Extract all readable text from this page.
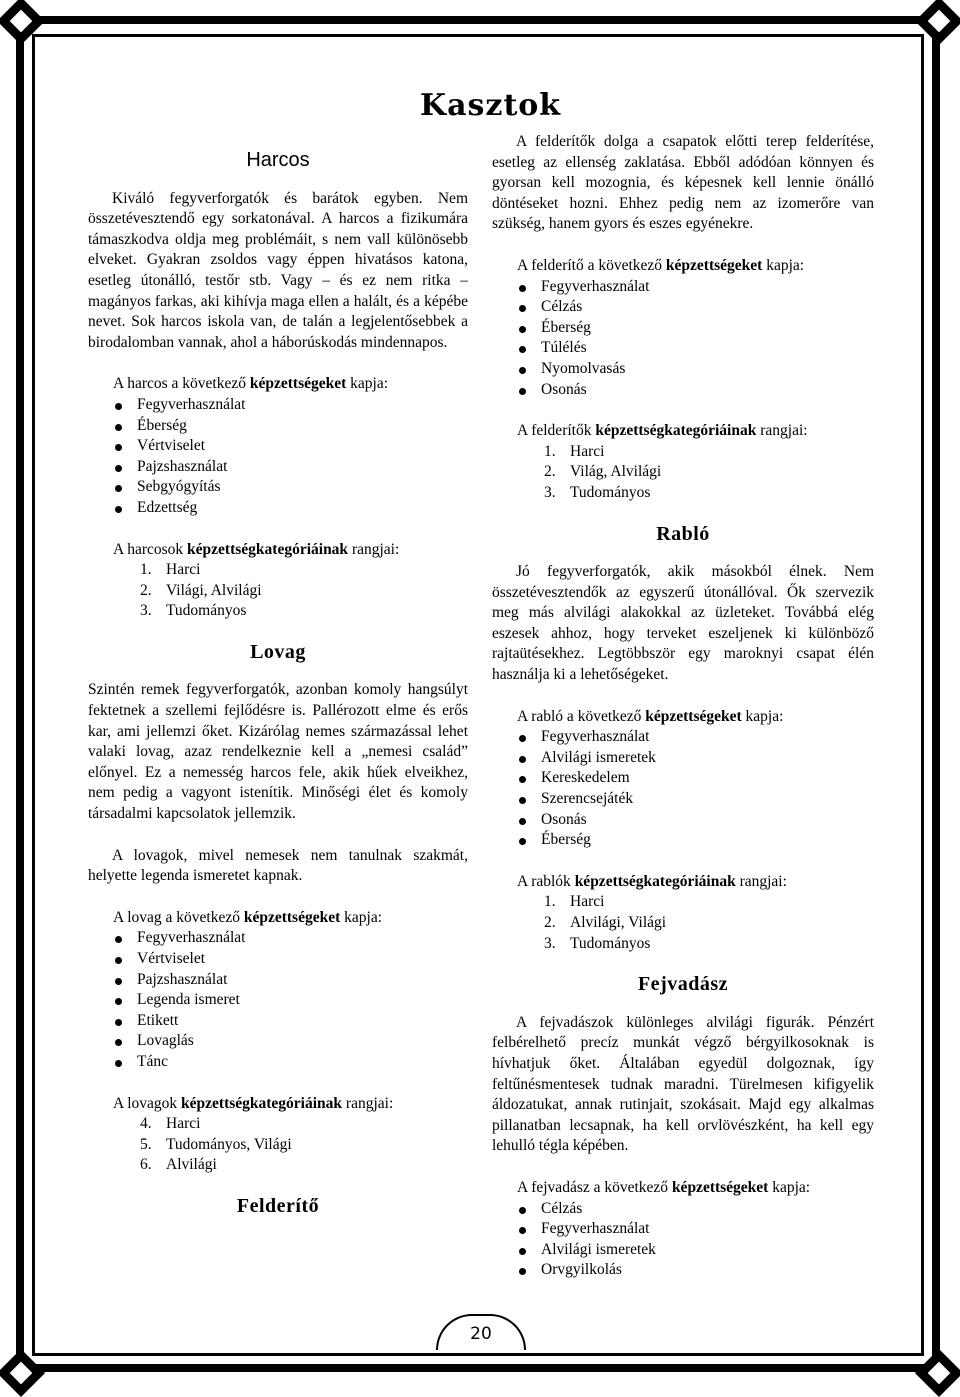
Kasztok
Harcos

Kiváló fegyverforgatók és barátok egyben. Nem összetévesztendő egy sorkatonával. A harcos a fizikumára támaszkodva oldja meg problémáit, s nem vall különösebb elveket. Gyakran zsoldos vagy éppen hivatásos katona, esetleg útonálló, testőr stb. Vagy – és ez nem ritka – magányos farkas, aki kihívja maga ellen a halált, és a képébe nevet. Sok harcos iskola van, de talán a legjelentősebbek a birodalomban vannak, ahol a háborúskodás mindennapos.

A harcos a következő képzettségeket kapja:
Fegyverhasználat
Éberség
Vértviselet
Pajzshasználat
Sebgyógyítás
Edzettség
A harcosok képzettségkategóriáinak rangjai:
1. Harci
2. Világi, Alvilági
3. Tudományos
Lovag

Szintén remek fegyverforgatók, azonban komoly hangsúlyt fektetnek a szellemi fejlődésre is. Pallérozott elme és erős kar, ami jellemzi őket. Kizárólag nemes származással lehet valaki lovag, azaz rendelkeznie kell a „nemesi család” előnyel. Ez a nemesség harcos fele, akik hűek elveikhez, nem pedig a vagyont istenítik. Minőségi élet és komoly társadalmi kapcsolatok jellemzik.

A lovagok, mivel nemesek nem tanulnak szakmát, helyette legenda ismeretet kapnak.

A lovag a következő képzettségeket kapja:
Fegyverhasználat
Vértviselet
Pajzshasználat
Legenda ismeret
Etikett
Lovaglás
Tánc
A lovagok képzettségkategóriáinak rangjai:
4. Harci
5. Tudományos, Világi
6. Alvilági
Felderítő

A felderítők dolga a csapatok előtti terep felderítése, esetleg az ellenség zaklatása. Ebből adódóan könnyen és gyorsan kell mozognia, és képesnek kell lennie önálló döntéseket hozni. Ehhez pedig nem az izomerőre van szükség, hanem gyors és eszes egyénekre.

A felderítő a következő képzettségeket kapja:
Fegyverhasználat
Célzás
Éberség
Túlélés
Nyomolvasás
Osonás
A felderítők képzettségkategóriáinak rangjai:
1. Harci
2. Világ, Alvilági
3. Tudományos
Rabló

Jó fegyverforgatók, akik másokból élnek. Nem összetévesztendők az egyszerű útonállóval. Ők szervezik meg más alvilági alakokkal az üzleteket. Továbbá elég eszesek ahhoz, hogy terveket eszeljenek ki különböző rajtaütésekhez. Legtöbbször egy maroknyi csapat élén használja ki a lehetőségeket.

A rabló a következő képzettségeket kapja:
Fegyverhasználat
Alvilági ismeretek
Kereskedelem
Szerencsejáték
Osonás
Éberség
A rablók képzettségkategóriáinak rangjai:
1. Harci
2. Alvilági, Világi
3. Tudományos
Fejvadász

A fejvadászok különleges alvilági figurák. Pénzért felbérelhető precíz munkát végző bérgyilkosoknak is hívhatjuk őket. Általában egyedül dolgoznak, így feltűnésmentesek tudnak maradni. Türelmesen kifigyelik áldozatukat, annak rutinjait, szokásait. Majd egy alkalmas pillanatban lecsapnak, ha kell orvlövészként, ha kell egy lehulló tégla képében.

A fejvadász a következő képzettségeket kapja:
Célzás
Fegyverhasználat
Alvilági ismeretek
Orvgyilkolás
20
